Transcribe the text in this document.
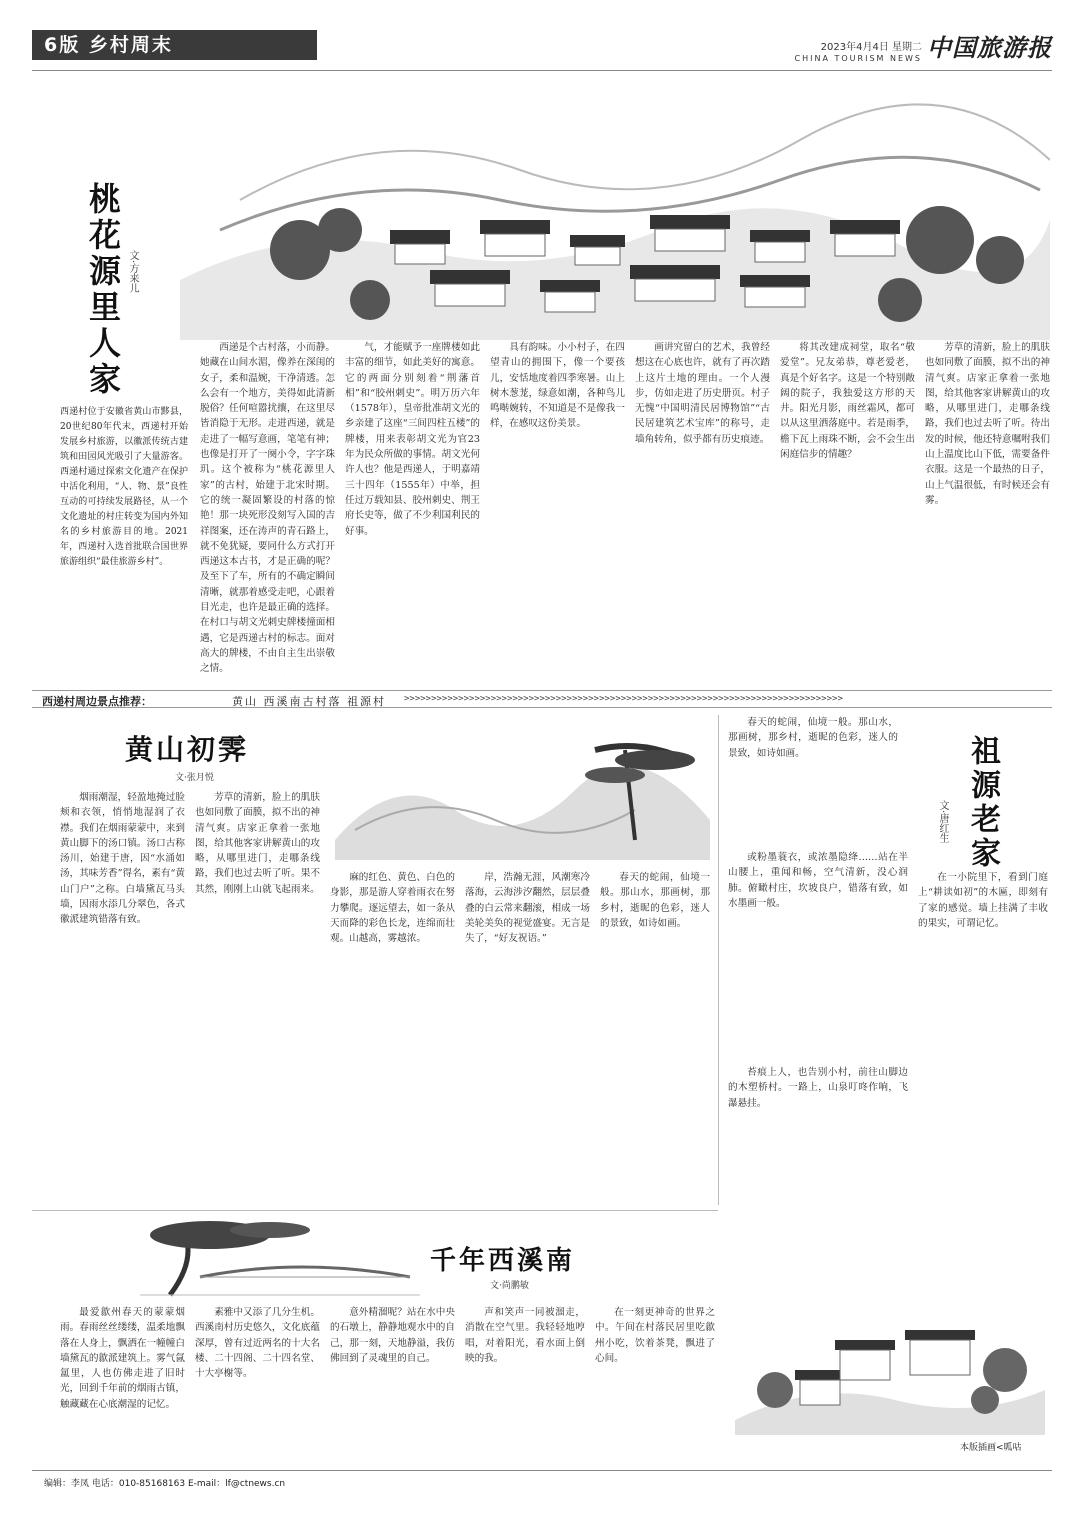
6版 乡村周末	2023年4月4日 星期二
CHINA TOURISM NEWS 中国旅游报
桃花源里人家 文·方来儿
西递村位于安徽省黄山市黟县，20世纪80年代末，西递村开始发展乡村旅游，以徽派传统古建筑和田园风光吸引了大量游客。西递村通过探索文化遗产在保护中活化利用，“人、物、景”良性互动的可持续发展路径，从一个文化遗址的村庄转变为国内外知名的乡村旅游目的地。2021年，西递村入选首批联合国世界旅游组织“最佳旅游乡村”。
西递是个古村落，小而静。她藏在山间水湄，像养在深闺的女子，柔和温婉，干净清透。怎么会有一个地方，美得如此清新脱俗？任何喧嚣扰攘，在这里尽皆消隐于无形。走进西递，就是走进了一幅写意画，笔笔有神；也像是打开了一阕小令，字字珠玑。这个被称为“桃花源里人家”的古村，始建于北宋时期。它的统一凝固繁设的村落的惊艳！那一块死形没刻写入国的吉祥图案，还在涛声的青石路上，就不免犹疑，要同什么方式打开西递这本古书，才是正确的呢？及至下了车，所有的不确定瞬间清晰，就那着感受走吧，心跟着目光走，也许是最正确的选择。在村口与胡文光刺史牌楼撞面相遇，它是西递古村的标志。面对高大的牌楼，不由自主生出崇敬之情。
气，才能赋予一座牌楼如此丰富的细节，如此美好的寓意。它的两面分别刻着“荆藩首相”和“胶州刺史”。明万历六年（1578年），皇帝批准胡文光的乡亲建了这座“三间四柱五楼”的牌楼，用来表彰胡文光为官23年为民众所做的事情。胡文光何许人也？他是西递人，于明嘉靖三十四年（1555年）中举，担任过万载知县、胶州刺史、荆王府长史等，做了不少利国利民的好事。
具有韵味。小小村子，在四望青山的拥围下，像一个要孩儿，安恬地度着四季寒暑。山上树木葱茏，绿意如潮，各种鸟儿鸣啭婉转，不知道是不是像我一样，在感叹这份美景。
画讲究留白的艺术，我曾经想这在心底也许，就有了再次踏上这片土地的理由。一个人漫步，仿如走进了历史册页。村子无愧“中国明清民居博物馆”“古民居建筑艺术宝库”的称号，走墙角转角，似乎都有历史痕迹。
将其改建成祠堂，取名“敬爱堂”。兄友弟恭，尊老爱老，真是个好名字。这是一个特别敞阔的院子，我独爱这方形的天井。阳光月影，雨丝霜风，都可以从这里洒落庭中。若是雨季，檐下瓦上雨珠不断，会不会生出闲庭信步的情趣？
芳草的清新，脸上的肌肤也如同敷了面膜，拟不出的神清气爽。店家正拿着一张地图，给其他客家讲解黄山的攻略，从哪里进门，走哪条线路，我们也过去听了听。待出发的时候，他还特意嘱咐我们山上温度比山下低，需要备件衣服。这是一个最热的日子，山上气温很低，有时候还会有雾。
西递村周边景点推荐：	黄山 西溪南古村落 祖源村 >>>>>>>>>>>>>>>>>>>>>>>>>>>>>>>>>>>>>>>>>>>>>>>>>>>>>>>>>>>>>>>>>>>>>>>>>>>>>>>>>
黄山初霁
文·张月悦
烟雨潮湿，轻盈地掩过脸颊和衣领，悄悄地湿润了衣襟。我们在烟雨蒙蒙中，来到黄山脚下的汤口镇。汤口古称汤川，始建于唐，因“水涌如汤，其味芳香”得名，素有“黄山门户”之称。白墙黛瓦马头墙，因雨水添几分翠色，各式徽派建筑错落有致。
芳草的清新，脸上的肌肤也如同敷了面膜，拟不出的神清气爽。店家正拿着一张地图，给其他客家讲解黄山的攻略，从哪里进门，走哪条线路，我们也过去听了听。果不其然，刚刚上山就飞起雨来。
麻的红色、黄色、白色的身影，那是游人穿着雨衣在努力攀爬。逐远望去，如一条从天而降的彩色长龙，连绵而壮观。山越高，雾越浓。
岸，浩瀚无涯，风潮寒冷落海，云海涉汐翻然，层层叠叠的白云常来翻滚，相成一场美轮美奂的视觉盛宴。无言是失了，“好友祝语。”
春天的蛇闹，仙境一般。那山水，那画树，那乡村，逝昵的色彩，迷人的景致，如诗如画。
春天的蛇闹，仙境一般。那山水，那画树，那乡村，逝昵的色彩，迷人的景致，如诗如画。	祖源老家
文·唐红生
或粉墨蓑衣，或浓墨隐绛……站在半山腰上，重闻和畅，空气清新，没心润肺。俯瞰村庄，坎坡良户，错落有致，如水墨画一般。
在一小院里下，看到门庭上“耕读如初”的木匾，即刻有了家的感觉。墙上挂满了丰收的果实，可谓记忆。
苔痕上人，也告别小村，前往山脚边的木塑桥村。一路上，山泉叮咚作响，飞瀑悬挂。
千年西溪南
文·尚鹏敏
最爱歙州春天的蒙蒙烟雨。春雨丝丝缕缕，温柔地飘落在人身上，飘洒在一幢幢白墙黛瓦的歙派建筑上。雾气氤氲里，人也仿佛走进了旧时光，回到千年前的烟雨古镇，触藏藏在心底潮湿的记忆。
素雅中又添了几分生机。西溪南村历史悠久，文化底蕴深厚，曾有过近两名的十大名楼、二十四阁、二十四名堂、十大亭榭等。
意外精溜呢？站在水中央的石墩上，静静地观水中的自己，那一刻，天地静溢，我仿佛回到了灵魂里的自己。
声和笑声一同被溜走，消散在空气里。我轻轻地哼唱，对着阳光，看水面上倒映的我。
在一刻更神奇的世界之中。午间在村落民居里吃歙州小吃，饮着茶凳，飘进了心间。
本版插画<呱咕
编辑：李凤 电话：010-85168163 E-mail：lf@ctnews.cn
